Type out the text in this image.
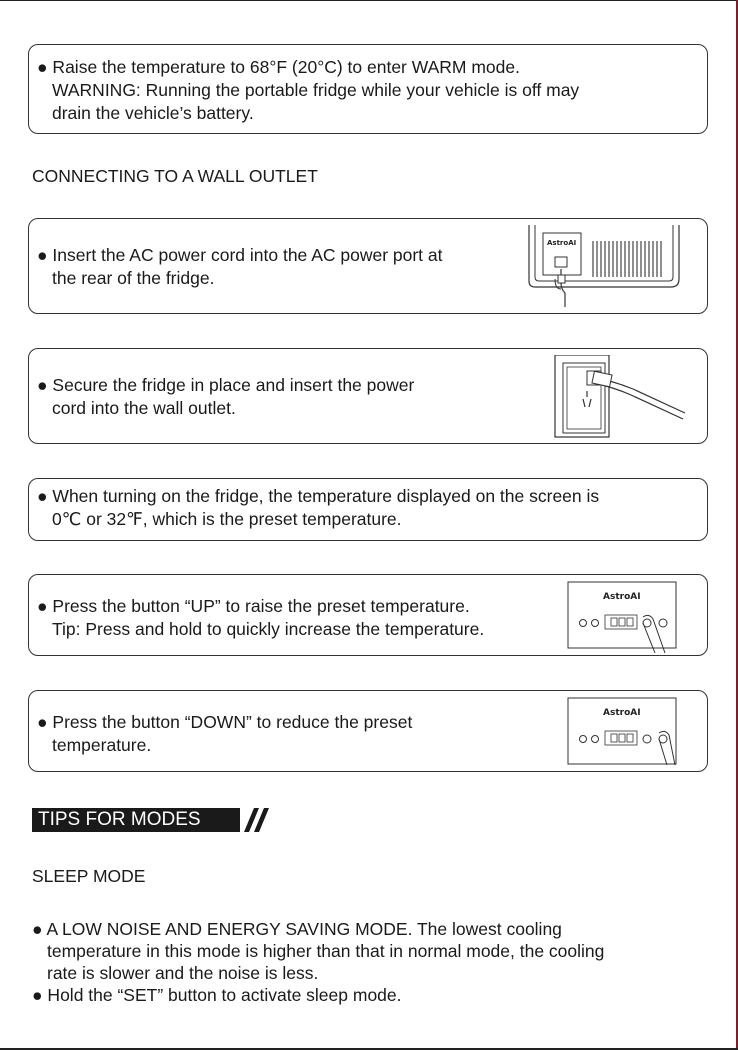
● Raise the temperature to 68°F (20°C) to enter WARM mode.
WARNING: Running the portable fridge while your vehicle is off may
drain the vehicle’s battery.
CONNECTING TO A WALL OUTLET
● Insert the AC power cord into the AC power port at
the rear of the fridge.
AstroAI
● Secure the fridge in place and insert the power
cord into the wall outlet.
● When turning on the fridge, the temperature displayed on the screen is
0℃ or 32℉, which is the preset temperature.
● Press the button “UP” to raise the preset temperature.
Tip: Press and hold to quickly increase the temperature.
AstroAI
● Press the button “DOWN” to reduce the preset
temperature.
AstroAI
TIPS FOR MODES
SLEEP MODE
● A LOW NOISE AND ENERGY SAVING MODE. The lowest cooling
temperature in this mode is higher than that in normal mode, the cooling
rate is slower and the noise is less.
● Hold the “SET” button to activate sleep mode.
